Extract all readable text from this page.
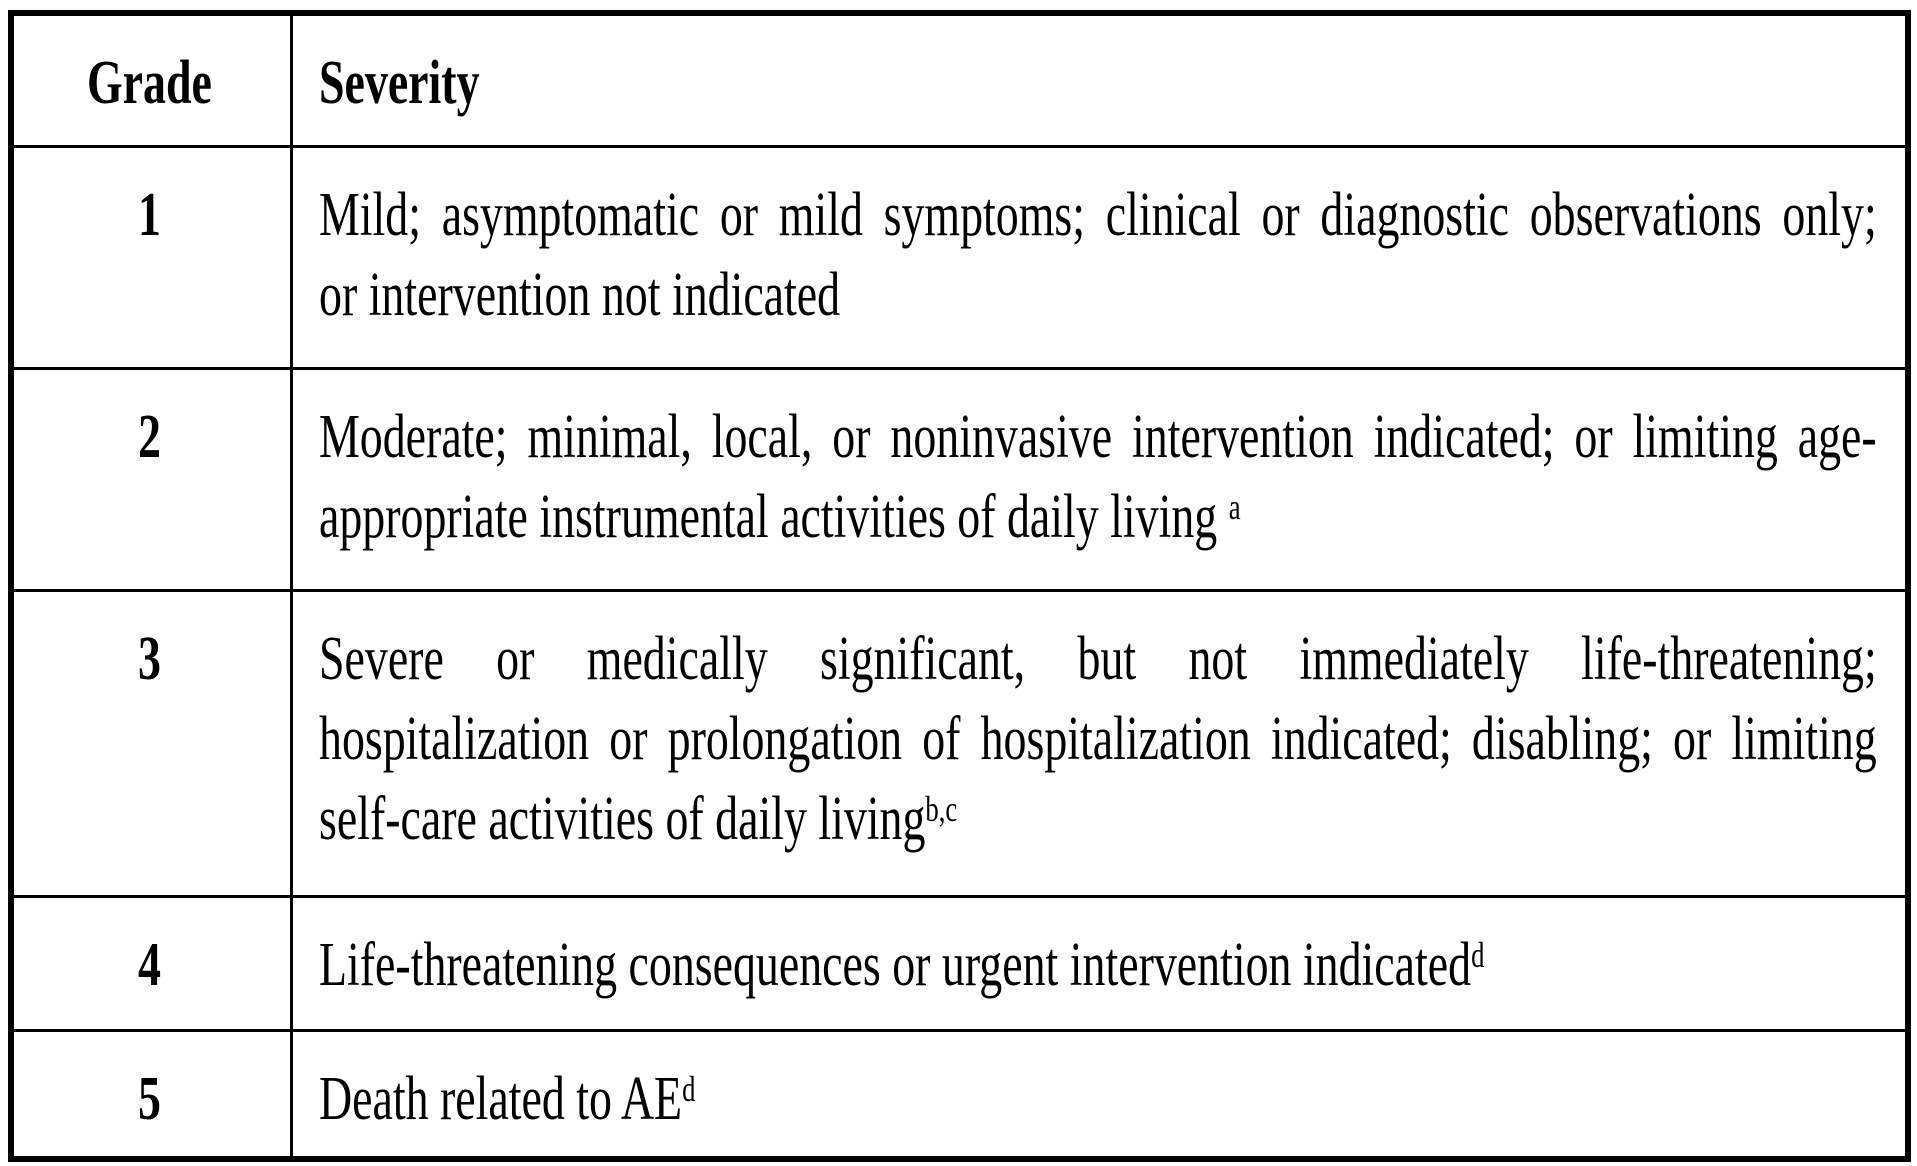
Grade	Severity

1	Mild; asymptomatic or mild symptoms; clinical or diagnostic observations only;
or intervention not indicated

2	Moderate; minimal, local, or noninvasive intervention indicated; or limiting age-
appropriate instrumental activities of daily living $^a$

3	Severe or medically significant, but not immediately life-threatening;
hospitalization or prolongation of hospitalization indicated; disabling; or limiting
self-care activities of daily living$^{b,c}$

4	Life-threatening consequences or urgent intervention indicated$^d$

5	Death related to AE$^d$
